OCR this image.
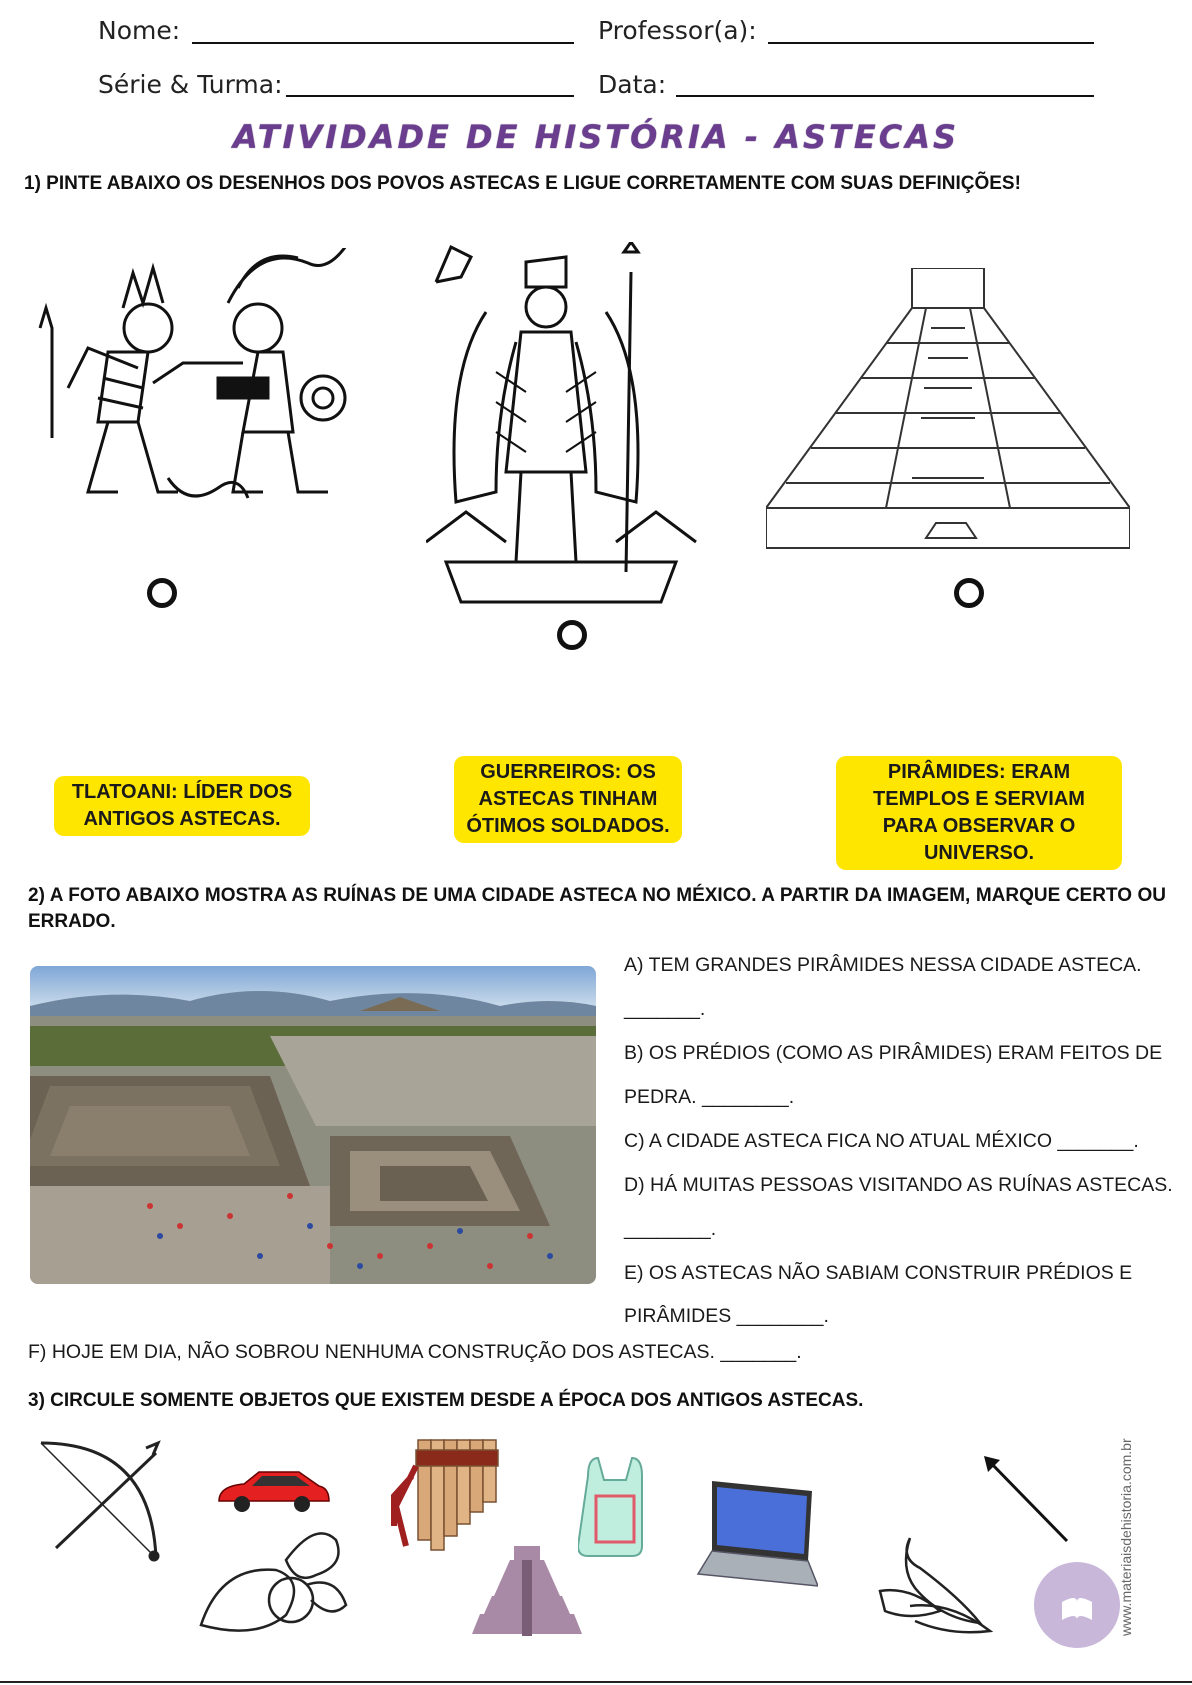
Nome:	Professor(a):
Série & Turma:	Data:
ATIVIDADE DE HISTÓRIA - ASTECAS
1) PINTE ABAIXO OS DESENHOS DOS POVOS ASTECAS E LIGUE CORRETAMENTE COM SUAS DEFINIÇÕES!
TLATOANI: LÍDER DOS ANTIGOS ASTECAS.
GUERREIROS: OS ASTECAS TINHAM ÓTIMOS SOLDADOS.
PIRÂMIDES: ERAM TEMPLOS E SERVIAM PARA OBSERVAR O UNIVERSO.
2) A FOTO ABAIXO MOSTRA AS RUÍNAS DE UMA CIDADE ASTECA NO MÉXICO. A PARTIR DA IMAGEM, MARQUE CERTO OU ERRADO.
A) TEM GRANDES PIRÂMIDES NESSA CIDADE ASTECA.
_______.
B) OS PRÉDIOS (COMO AS PIRÂMIDES) ERAM FEITOS DE
PEDRA. ________.
C) A CIDADE ASTECA FICA NO ATUAL MÉXICO _______.
D) HÁ MUITAS PESSOAS VISITANDO AS RUÍNAS ASTECAS.
________.
E) OS ASTECAS NÃO SABIAM CONSTRUIR PRÉDIOS E
PIRÂMIDES ________.
F) HOJE EM DIA, NÃO SOBROU NENHUMA CONSTRUÇÃO DOS ASTECAS. _______.
3) CIRCULE SOMENTE OBJETOS QUE EXISTEM DESDE A ÉPOCA DOS ANTIGOS ASTECAS.
www.materiaisdehistoria.com.br
